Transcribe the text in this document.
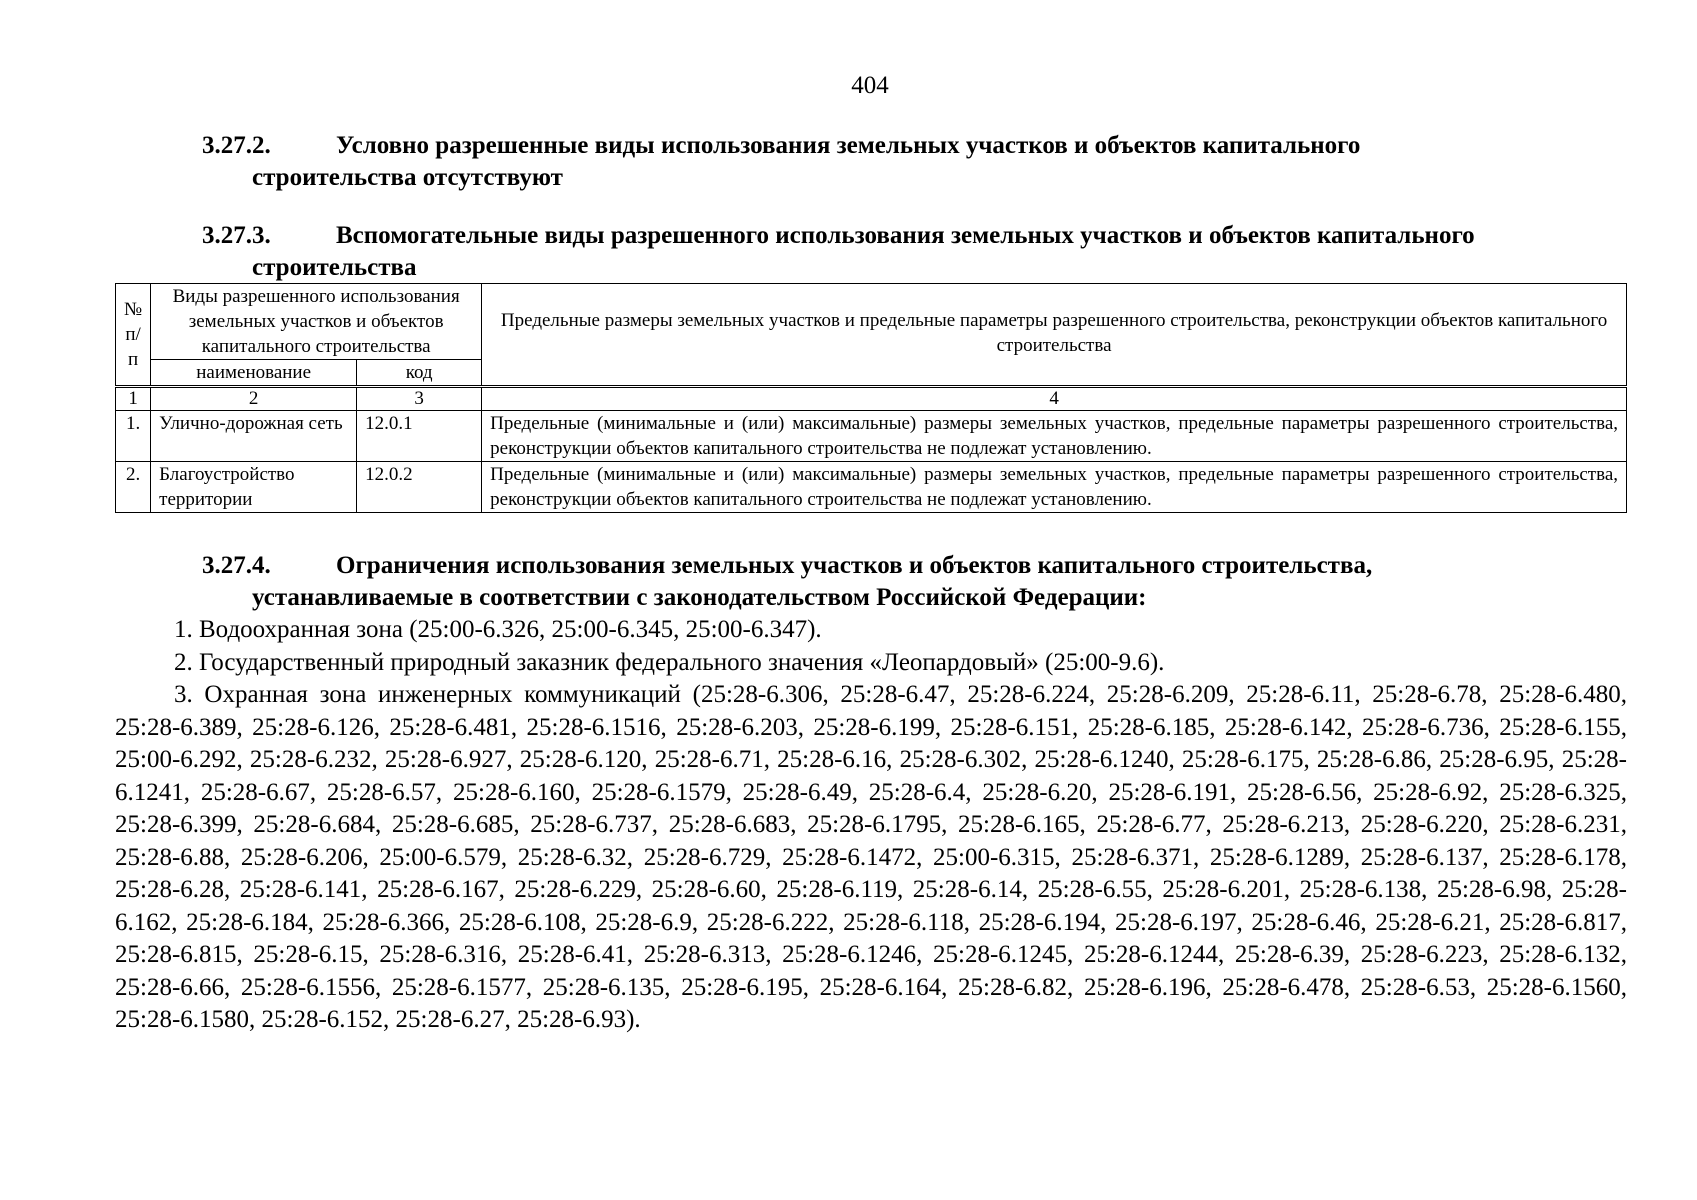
404
3.27.2.	Условно разрешенные виды использования земельных участков и объектов капитального
строительства отсутствуют
3.27.3.	Вспомогательные виды разрешенного использования земельных участков и объектов капитального
строительства
№ п/п	Виды разрешенного использования земельных участков и объектов капитального строительства		Предельные размеры земельных участков и предельные параметры разрешенного строительства, реконструкции объектов капитального строительства
	наименование	код	
1	2	3	4
1.	Улично-дорожная сеть	12.0.1	Предельные (минимальные и (или) максимальные) размеры земельных участков, предельные параметры разрешенного строительства, реконструкции объектов капитального строительства не подлежат установлению.
2.	Благоустройство территории	12.0.2	Предельные (минимальные и (или) максимальные) размеры земельных участков, предельные параметры разрешенного строительства, реконструкции объектов капитального строительства не подлежат установлению.
3.27.4.	Ограничения использования земельных участков и объектов капитального строительства,
устанавливаемые в соответствии с законодательством Российской Федерации:

1. Водоохранная зона (25:00-6.326, 25:00-6.345, 25:00-6.347).

2. Государственный природный заказник федерального значения «Леопардовый» (25:00-9.6).

3. Охранная зона инженерных коммуникаций (25:28-6.306, 25:28-6.47, 25:28-6.224, 25:28-6.209, 25:28-6.11, 25:28-6.78, 25:28-6.480, 25:28-6.389, 25:28-6.126, 25:28-6.481, 25:28-6.1516, 25:28-6.203, 25:28-6.199, 25:28-6.151, 25:28-6.185, 25:28-6.142, 25:28-6.736, 25:28-6.155, 25:00-6.292, 25:28-6.232, 25:28-6.927, 25:28-6.120, 25:28-6.71, 25:28-6.16, 25:28-6.302, 25:28-6.1240, 25:28-6.175, 25:28-6.86, 25:28-6.95, 25:28-6.1241, 25:28-6.67, 25:28-6.57, 25:28-6.160, 25:28-6.1579, 25:28-6.49, 25:28-6.4, 25:28-6.20, 25:28-6.191, 25:28-6.56, 25:28-6.92, 25:28-6.325, 25:28-6.399, 25:28-6.684, 25:28-6.685, 25:28-6.737, 25:28-6.683, 25:28-6.1795, 25:28-6.165, 25:28-6.77, 25:28-6.213, 25:28-6.220, 25:28-6.231, 25:28-6.88, 25:28-6.206, 25:00-6.579, 25:28-6.32, 25:28-6.729, 25:28-6.1472, 25:00-6.315, 25:28-6.371, 25:28-6.1289, 25:28-6.137, 25:28-6.178, 25:28-6.28, 25:28-6.141, 25:28-6.167, 25:28-6.229, 25:28-6.60, 25:28-6.119, 25:28-6.14, 25:28-6.55, 25:28-6.201, 25:28-6.138, 25:28-6.98, 25:28-6.162, 25:28-6.184, 25:28-6.366, 25:28-6.108, 25:28-6.9, 25:28-6.222, 25:28-6.118, 25:28-6.194, 25:28-6.197, 25:28-6.46, 25:28-6.21, 25:28-6.817, 25:28-6.815, 25:28-6.15, 25:28-6.316, 25:28-6.41, 25:28-6.313, 25:28-6.1246, 25:28-6.1245, 25:28-6.1244, 25:28-6.39, 25:28-6.223, 25:28-6.132, 25:28-6.66, 25:28-6.1556, 25:28-6.1577, 25:28-6.135, 25:28-6.195, 25:28-6.164, 25:28-6.82, 25:28-6.196, 25:28-6.478, 25:28-6.53, 25:28-6.1560, 25:28-6.1580, 25:28-6.152, 25:28-6.27, 25:28-6.93).
